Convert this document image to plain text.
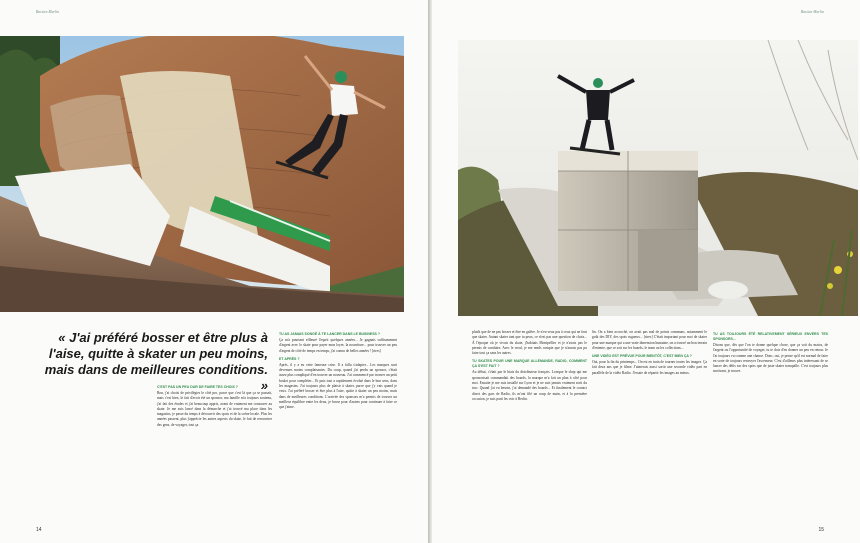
Bastien Marlin
« J'ai préféré bosser et être plus à l'aise, quitte à skater un peu moins, mais dans de meilleures conditions. »
C'EST PAS UN PEU DUR DE FAIRE TES CHOIX ?

Bon, j'ai choisi de privilégier le côté pro, parce que c'est là que ça se passait, mais c'est bien, le fait d'avoir été un sponsor, ma famille m'a toujours soutenu, j'ai fait des études et j'ai beaucoup appris, avant de vraiment me consacrer au skate. Je me suis lancé dans la démarche et j'ai trouvé ma place dans les magasins, je passe du temps à découvrir des spots et de la scène locale. Plus les années passent, plus j'apprécie les autres aspects du skate, le fait de rencontrer des gens, de voyager, tout ça.

TU AS JAMAIS SONGÉ À TE LANCER DANS LE BUSINESS ?

Ça m'a pourtant effleuré l'esprit quelques années... Je gagnais suffisamment d'argent avec le skate pour payer mon loyer, la nourriture... pour trouver un peu d'argent de côté de temps en temps, j'ai connu de belles années ! [rires]

ET APRÈS ?

Après, il y a eu cette fameuse crise. Il a fallu s'adapter... Les marques sont devenues moins complaisantes. Du coup, quand j'ai perdu un sponsor, c'était assez plus compliqué d'en trouver un nouveau. J'ai commencé par trouver un petit boulot pour compléter... Et puis tout a rapidement évolué dans le bon sens, dans les magasins. J'ai toujours plus de plaisir à skater, parce que j'y vais quand je veux. J'ai préféré bosser et être plus à l'aise, quitte à skater un peu moins, mais dans de meilleures conditions. L'arrivée des sponsors m'a permis de trouver un meilleur équilibre entre les deux, je bosse pour d'autres pour continuer à faire ce que j'aime.

14
Bastien Marlin

plutôt que de ne pas bosser et être en galère. Je n'en veux pas à ceux qui ne font que skater. Autant skater tant que tu peux, ce n'est pas une question de choix... À l'époque où je vivais du skate, j'habitais Montpellier et je n'avais pas le permis de conduire. Avec le recul, je me rends compte que je n'aurais pas pu faire tout ça sans les autres.

TU SKATES POUR UNE MARQUE ALLEMANDE, RADIO, COMMENT ÇA S'EST FAIT ?

Au début, c'était par le biais du distributeur français. Lorsque le shop qui me sponsorisait commandait des boards, la marque m'a fait un plan à côté pour moi. Ensuite je me suis installé sur Lyon et je ne suis jamais vraiment sorti du truc. Quand j'ai eu besoin, j'ai demandé des boards... Et finalement le contact direct des gars de Radio, ils m'ont filé un coup de main, et à la première occasion, je suis parti les voir à Berlin.

lin. On a bien accroché, on avait pas mal de points communs, notamment le goût des DIY, des spots rugueux... [rires] C'était important pour moi de skater pour une marque qui a une vraie dimension humaine, on a trouvé un bon terrain d'entente, que ce soit sur les boards, le team ou les collections...

UNE VIDÉO EST PRÉVUE POUR BIENTÔT, C'EST BIEN ÇA ?

Oui, pour la fin du printemps... On est en train de tourner toutes les images. Ça fait deux ans que je filme. J'aimerais aussi sortir une seconde vidéo part en parallèle de la vidéo Radio. J'essaie de répartir les images au mieux.

TU AS TOUJOURS ÉTÉ RELATIVEMENT SÉRIEUX ENVERS TES SPONSORS...

Disons que, dès que l'on te donne quelque chose, que ça soit du matos, de l'argent ou l'opportunité de voyager, tu te dois d'en donner un peu en retour. Je l'ai toujours vu comme une chance. Donc, oui, je pense qu'il est normal de faire en sorte de toujours renvoyer l'ascenseur. C'est d'ailleurs plus intéressant de se lancer des défis sur des spots que de juste skater tranquille. C'est toujours plus motivant, je trouve.

15
